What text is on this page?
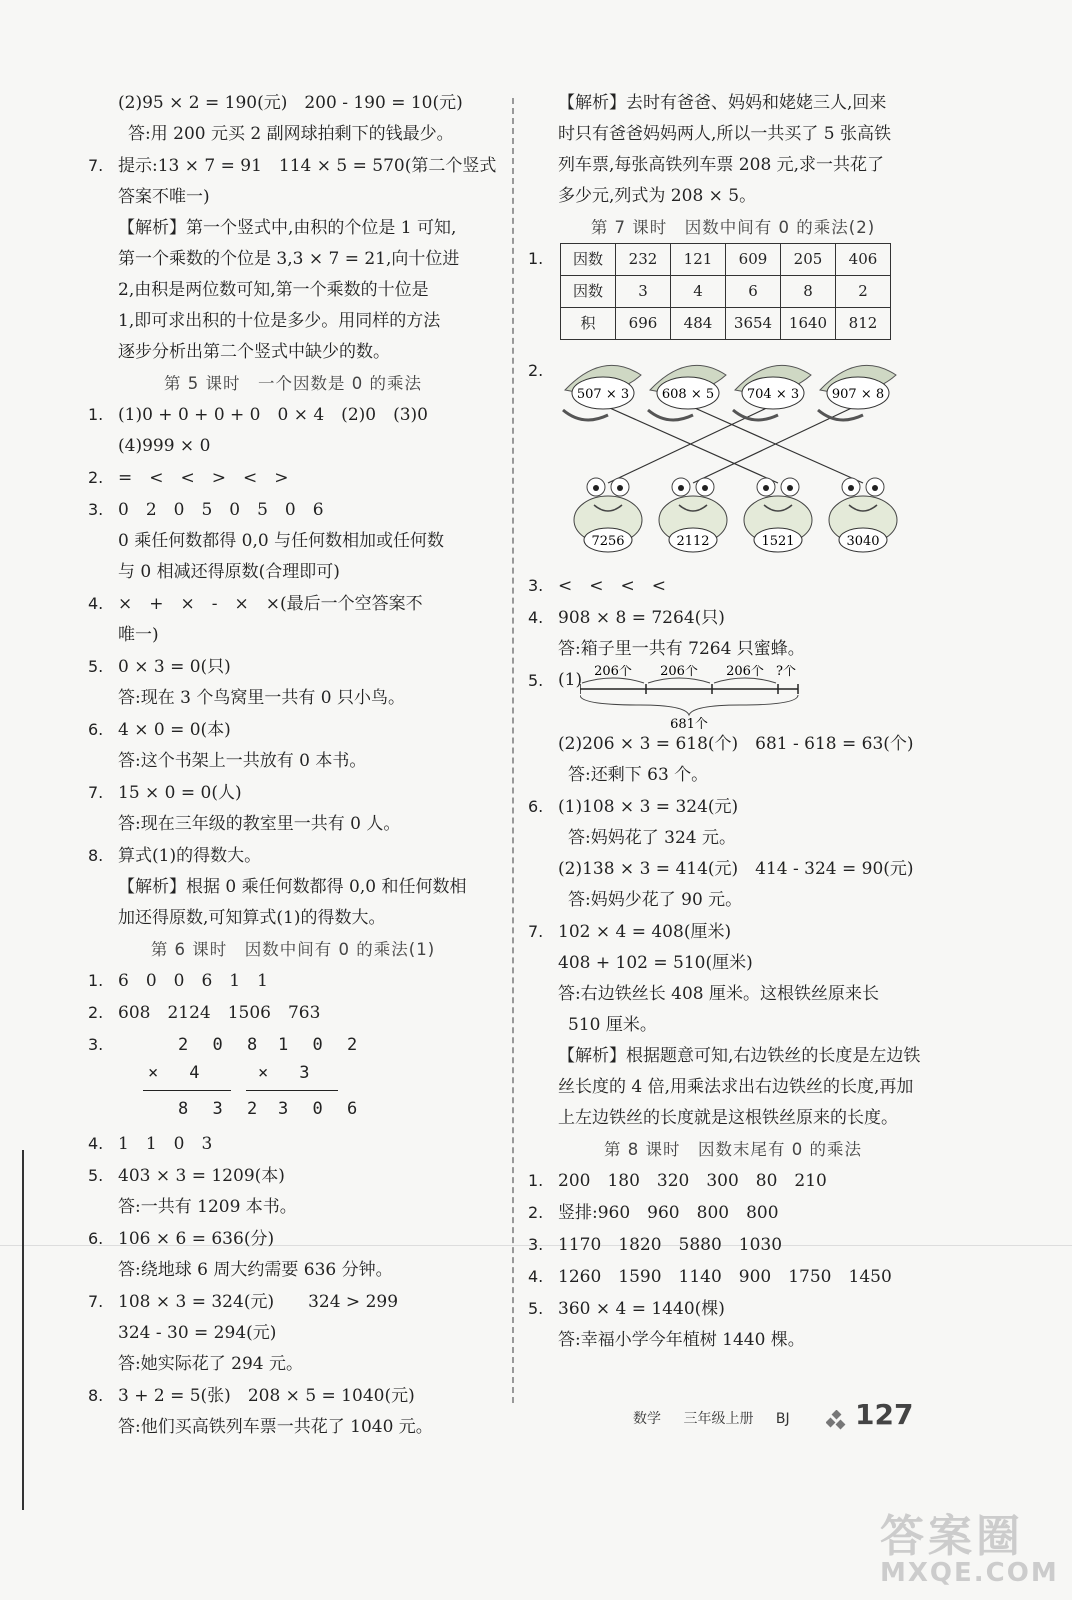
(2)95 × 2 = 190(元)　200 - 190 = 10(元)
答:用 200 元买 2 副网球拍剩下的钱最少。
7. 提示:13 × 7 = 91　114 × 5 = 570(第二个竖式
答案不唯一)
【解析】第一个竖式中,由积的个位是 1 可知,
第一个乘数的个位是 3,3 × 7 = 21,向十位进
2,由积是两位数可知,第一个乘数的十位是
1,即可求出积的十位是多少。用同样的方法
逐步分析出第二个竖式中缺少的数。
第 5 课时　一个因数是 0 的乘法
1. (1)0 + 0 + 0 + 0　0 × 4　(2)0　(3)0
(4)999 × 0
2. =　<　<　>　<　>
3. 0　2　0　5　0　5　0　6
0 乘任何数都得 0,0 与任何数相加或任何数
与 0 相减还得原数(合理即可)
4. ×　+　×　-　×　×(最后一个空答案不
唯一)
5. 0 × 3 = 0(只)
答:现在 3 个鸟窝里一共有 0 只小鸟。
6. 4 × 0 = 0(本)
答:这个书架上一共放有 0 本书。
7. 15 × 0 = 0(人)
答:现在三年级的教室里一共有 0 人。
8. 算式(1)的得数大。
【解析】根据 0 乘任何数都得 0,0 和任何数相
加还得原数,可知算式(1)的得数大。
第 6 课时　因数中间有 0 的乘法(1)
1. 6　0　0　6　1　1
2. 608　2124　1506　763
3.	2 0 8
×　4
8 3 2
1 0 2
×　3
3 0 6
4. 1　1　0　3
5. 403 × 3 = 1209(本)
答:一共有 1209 本书。
6. 106 × 6 = 636(分)
答:绕地球 6 周大约需要 636 分钟。
7. 108 × 3 = 324(元)　　324 > 299
324 - 30 = 294(元)
答:她实际花了 294 元。
8. 3 + 2 = 5(张)　208 × 5 = 1040(元)
答:他们买高铁列车票一共花了 1040 元。
【解析】去时有爸爸、妈妈和姥姥三人,回来
时只有爸爸妈妈两人,所以一共买了 5 张高铁
列车票,每张高铁列车票 208 元,求一共花了
多少元,列式为 208 × 5。
第 7 课时　因数中间有 0 的乘法(2)
1.	因数	232	121	609	205	406
因数	3	4	6	8	2
积	696	484	3654	1640	812
2.
507 × 3	608 × 5	704 × 3	907 × 8
7256	2112	1521	3040
3. <　<　<　<
4. 908 × 8 = 7264(只)
答:箱子里一共有 7264 只蜜蜂。
5. (1) 206个 206个 206个 ?个
681个
(2)206 × 3 = 618(个)　681 - 618 = 63(个)
答:还剩下 63 个。
6. (1)108 × 3 = 324(元)
答:妈妈花了 324 元。
(2)138 × 3 = 414(元)　414 - 324 = 90(元)
答:妈妈少花了 90 元。
7. 102 × 4 = 408(厘米)
408 + 102 = 510(厘米)
答:右边铁丝长 408 厘米。这根铁丝原来长
510 厘米。
【解析】根据题意可知,右边铁丝的长度是左边铁
丝长度的 4 倍,用乘法求出右边铁丝的长度,再加
上左边铁丝的长度就是这根铁丝原来的长度。
第 8 课时　因数末尾有 0 的乘法
1. 200　180　320　300　80　210
2. 竖排:960　960　800　800
3. 1170　1820　5880　1030
4. 1260　1590　1140　900　1750　1450
5. 360 × 4 = 1440(棵)
答:幸福小学今年植树 1440 棵。
数学 三年级上册 BJ	127
答案圈
MXQE.COM
